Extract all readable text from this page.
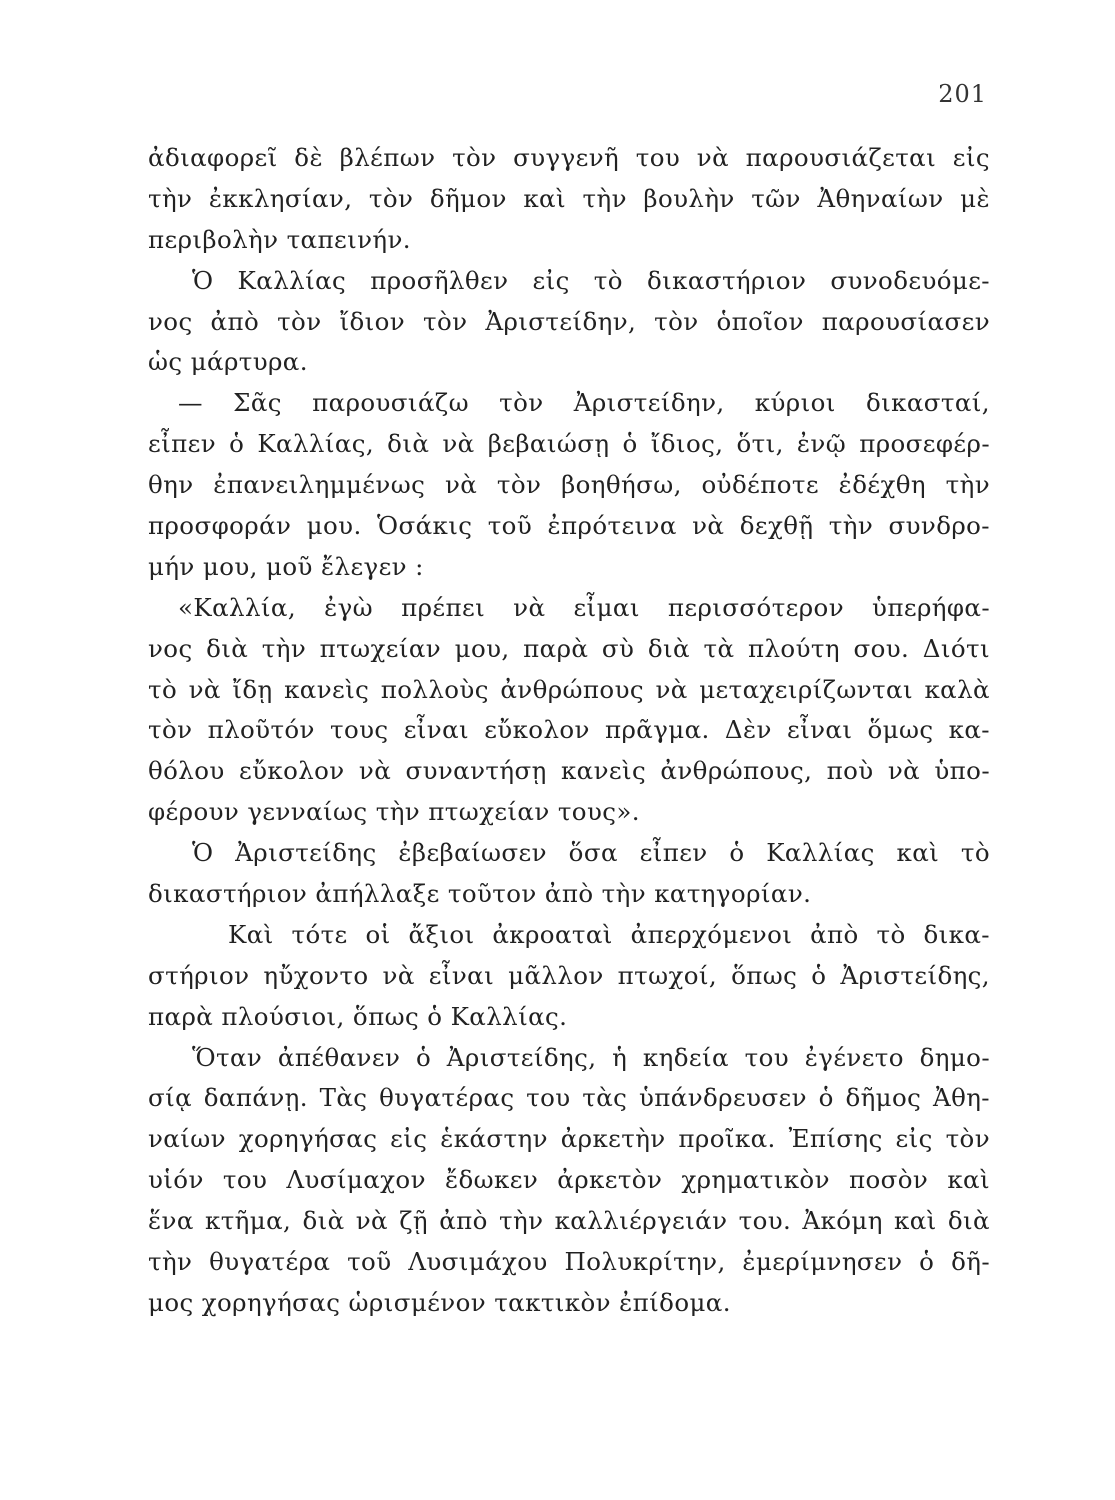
201
ἀδιαφορεῖ δὲ βλέπων τὸν συγγενῆ του νὰ παρουσιάζεται εἰς
τὴν ἐκκλησίαν, τὸν δῆμον καὶ τὴν βουλὴν τῶν Ἀθηναίων μὲ
περιβολὴν ταπεινήν.
Ὁ Καλλίας προσῆλθεν εἰς τὸ δικαστήριον συνοδευόμε-
νος ἀπὸ τὸν ἴδιον τὸν Ἀριστείδην, τὸν ὁποῖον παρουσίασεν
ὡς μάρτυρα.
— Σᾶς παρουσιάζω τὸν Ἀριστείδην, κύριοι δικασταί,
εἶπεν ὁ Καλλίας, διὰ νὰ βεβαιώσῃ ὁ ἴδιος, ὅτι, ἐνῷ προσεφέρ-
θην ἐπανειλημμένως νὰ τὸν βοηθήσω, οὐδέποτε ἐδέχθη τὴν
προσφοράν μου. Ὁσάκις τοῦ ἐπρότεινα νὰ δεχθῇ τὴν συνδρο-
μήν μου, μοῦ ἔλεγεν :
«Καλλία, ἐγὼ πρέπει νὰ εἶμαι περισσότερον ὑπερήφα-
νος διὰ τὴν πτωχείαν μου, παρὰ σὺ διὰ τὰ πλούτη σου. Διότι
τὸ νὰ ἴδῃ κανεὶς πολλοὺς ἀνθρώπους νὰ μεταχειρίζωνται καλὰ
τὸν πλοῦτόν τους εἶναι εὔκολον πρᾶγμα. Δὲν εἶναι ὅμως κα-
θόλου εὔκολον νὰ συναντήσῃ κανεὶς ἀνθρώπους, ποὺ νὰ ὑπο-
φέρουν γενναίως τὴν πτωχείαν τους».
Ὁ Ἀριστείδης ἐβεβαίωσεν ὅσα εἶπεν ὁ Καλλίας καὶ τὸ
δικαστήριον ἀπήλλαξε τοῦτον ἀπὸ τὴν κατηγορίαν.
Καὶ τότε οἱ ἄξιοι ἀκροαταὶ ἀπερχόμενοι ἀπὸ τὸ δικα-
στήριον ηὔχοντο νὰ εἶναι μᾶλλον πτωχοί, ὅπως ὁ Ἀριστείδης,
παρὰ πλούσιοι, ὅπως ὁ Καλλίας.
Ὅταν ἀπέθανεν ὁ Ἀριστείδης, ἡ κηδεία του ἐγένετο δημο-
σίᾳ δαπάνῃ. Τὰς θυγατέρας του τὰς ὑπάνδρευσεν ὁ δῆμος Ἀθη-
ναίων χορηγήσας εἰς ἑκάστην ἀρκετὴν προῖκα. Ἐπίσης εἰς τὸν
υἱόν του Λυσίμαχον ἔδωκεν ἀρκετὸν χρηματικὸν ποσὸν καὶ
ἕνα κτῆμα, διὰ νὰ ζῇ ἀπὸ τὴν καλλιέργειάν του. Ἀκόμη καὶ διὰ
τὴν θυγατέρα τοῦ Λυσιμάχου Πολυκρίτην, ἐμερίμνησεν ὁ δῆ-
μος χορηγήσας ὡρισμένον τακτικὸν ἐπίδομα.
